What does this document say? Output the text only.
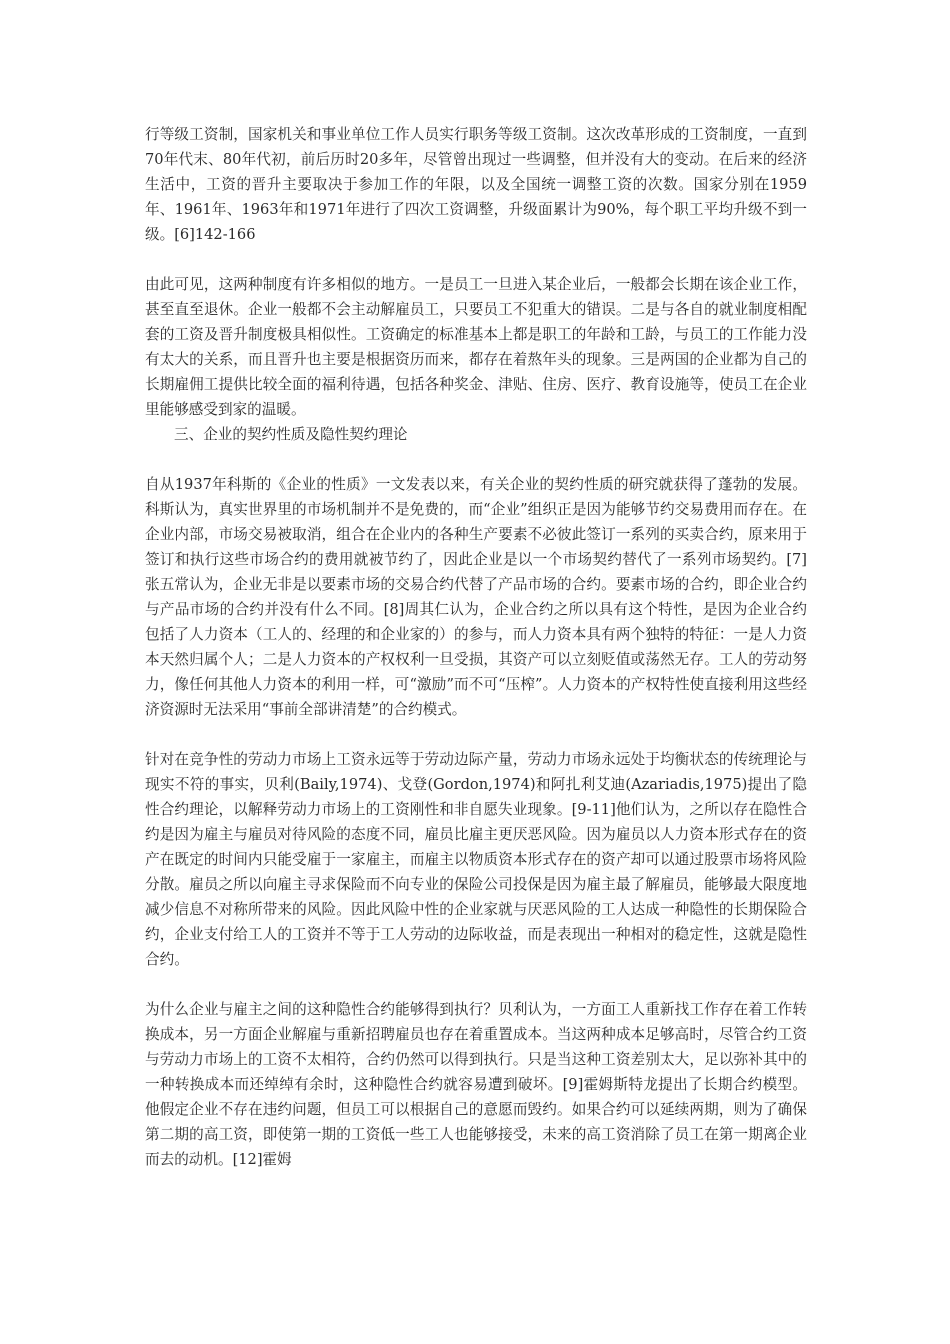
行等级工资制，国家机关和事业单位工作人员实行职务等级工资制。这次改革形成的工资制度，一直到70年代末、80年代初，前后历时20多年，尽管曾出现过一些调整，但并没有大的变动。在后来的经济生活中，工资的晋升主要取决于参加工作的年限，以及全国统一调整工资的次数。国家分别在1959年、1961年、1963年和1971年进行了四次工资调整，升级面累计为90%，每个职工平均升级不到一级。[6]142-166

由此可见，这两种制度有许多相似的地方。一是员工一旦进入某企业后，一般都会长期在该企业工作，甚至直至退休。企业一般都不会主动解雇员工，只要员工不犯重大的错误。二是与各自的就业制度相配套的工资及晋升制度极具相似性。工资确定的标准基本上都是职工的年龄和工龄，与员工的工作能力没有太大的关系，而且晋升也主要是根据资历而来，都存在着熬年头的现象。三是两国的企业都为自己的长期雇佣工提供比较全面的福利待遇，包括各种奖金、津贴、住房、医疗、教育设施等，使员工在企业里能够感受到家的温暖。

三、企业的契约性质及隐性契约理论

自从1937年科斯的《企业的性质》一文发表以来，有关企业的契约性质的研究就获得了蓬勃的发展。科斯认为，真实世界里的市场机制并不是免费的，而“企业”组织正是因为能够节约交易费用而存在。在企业内部，市场交易被取消，组合在企业内的各种生产要素不必彼此签订一系列的买卖合约，原来用于签订和执行这些市场合约的费用就被节约了，因此企业是以一个市场契约替代了一系列市场契约。[7]张五常认为，企业无非是以要素市场的交易合约代替了产品市场的合约。要素市场的合约，即企业合约与产品市场的合约并没有什么不同。[8]周其仁认为，企业合约之所以具有这个特性，是因为企业合约包括了人力资本（工人的、经理的和企业家的）的参与，而人力资本具有两个独特的特征：一是人力资本天然归属个人；二是人力资本的产权权利一旦受损，其资产可以立刻贬值或荡然无存。工人的劳动努力，像任何其他人力资本的利用一样，可“激励”而不可“压榨”。人力资本的产权特性使直接利用这些经济资源时无法采用“事前全部讲清楚”的合约模式。

针对在竞争性的劳动力市场上工资永远等于劳动边际产量，劳动力市场永远处于均衡状态的传统理论与现实不符的事实，贝利(Baily,1974)、戈登(Gordon,1974)和阿扎利艾迪(Azariadis,1975)提出了隐性合约理论，以解释劳动力市场上的工资刚性和非自愿失业现象。[9-11]他们认为，之所以存在隐性合约是因为雇主与雇员对待风险的态度不同，雇员比雇主更厌恶风险。因为雇员以人力资本形式存在的资产在既定的时间内只能受雇于一家雇主，而雇主以物质资本形式存在的资产却可以通过股票市场将风险分散。雇员之所以向雇主寻求保险而不向专业的保险公司投保是因为雇主最了解雇员，能够最大限度地减少信息不对称所带来的风险。因此风险中性的企业家就与厌恶风险的工人达成一种隐性的长期保险合约，企业支付给工人的工资并不等于工人劳动的边际收益，而是表现出一种相对的稳定性，这就是隐性合约。

为什么企业与雇主之间的这种隐性合约能够得到执行？贝利认为，一方面工人重新找工作存在着工作转换成本，另一方面企业解雇与重新招聘雇员也存在着重置成本。当这两种成本足够高时，尽管合约工资与劳动力市场上的工资不太相符，合约仍然可以得到执行。只是当这种工资差别太大，足以弥补其中的一种转换成本而还绰绰有余时，这种隐性合约就容易遭到破坏。[9]霍姆斯特龙提出了长期合约模型。他假定企业不存在违约问题，但员工可以根据自己的意愿而毁约。如果合约可以延续两期，则为了确保第二期的高工资，即使第一期的工资低一些工人也能够接受，未来的高工资消除了员工在第一期离企业而去的动机。[12]霍姆
